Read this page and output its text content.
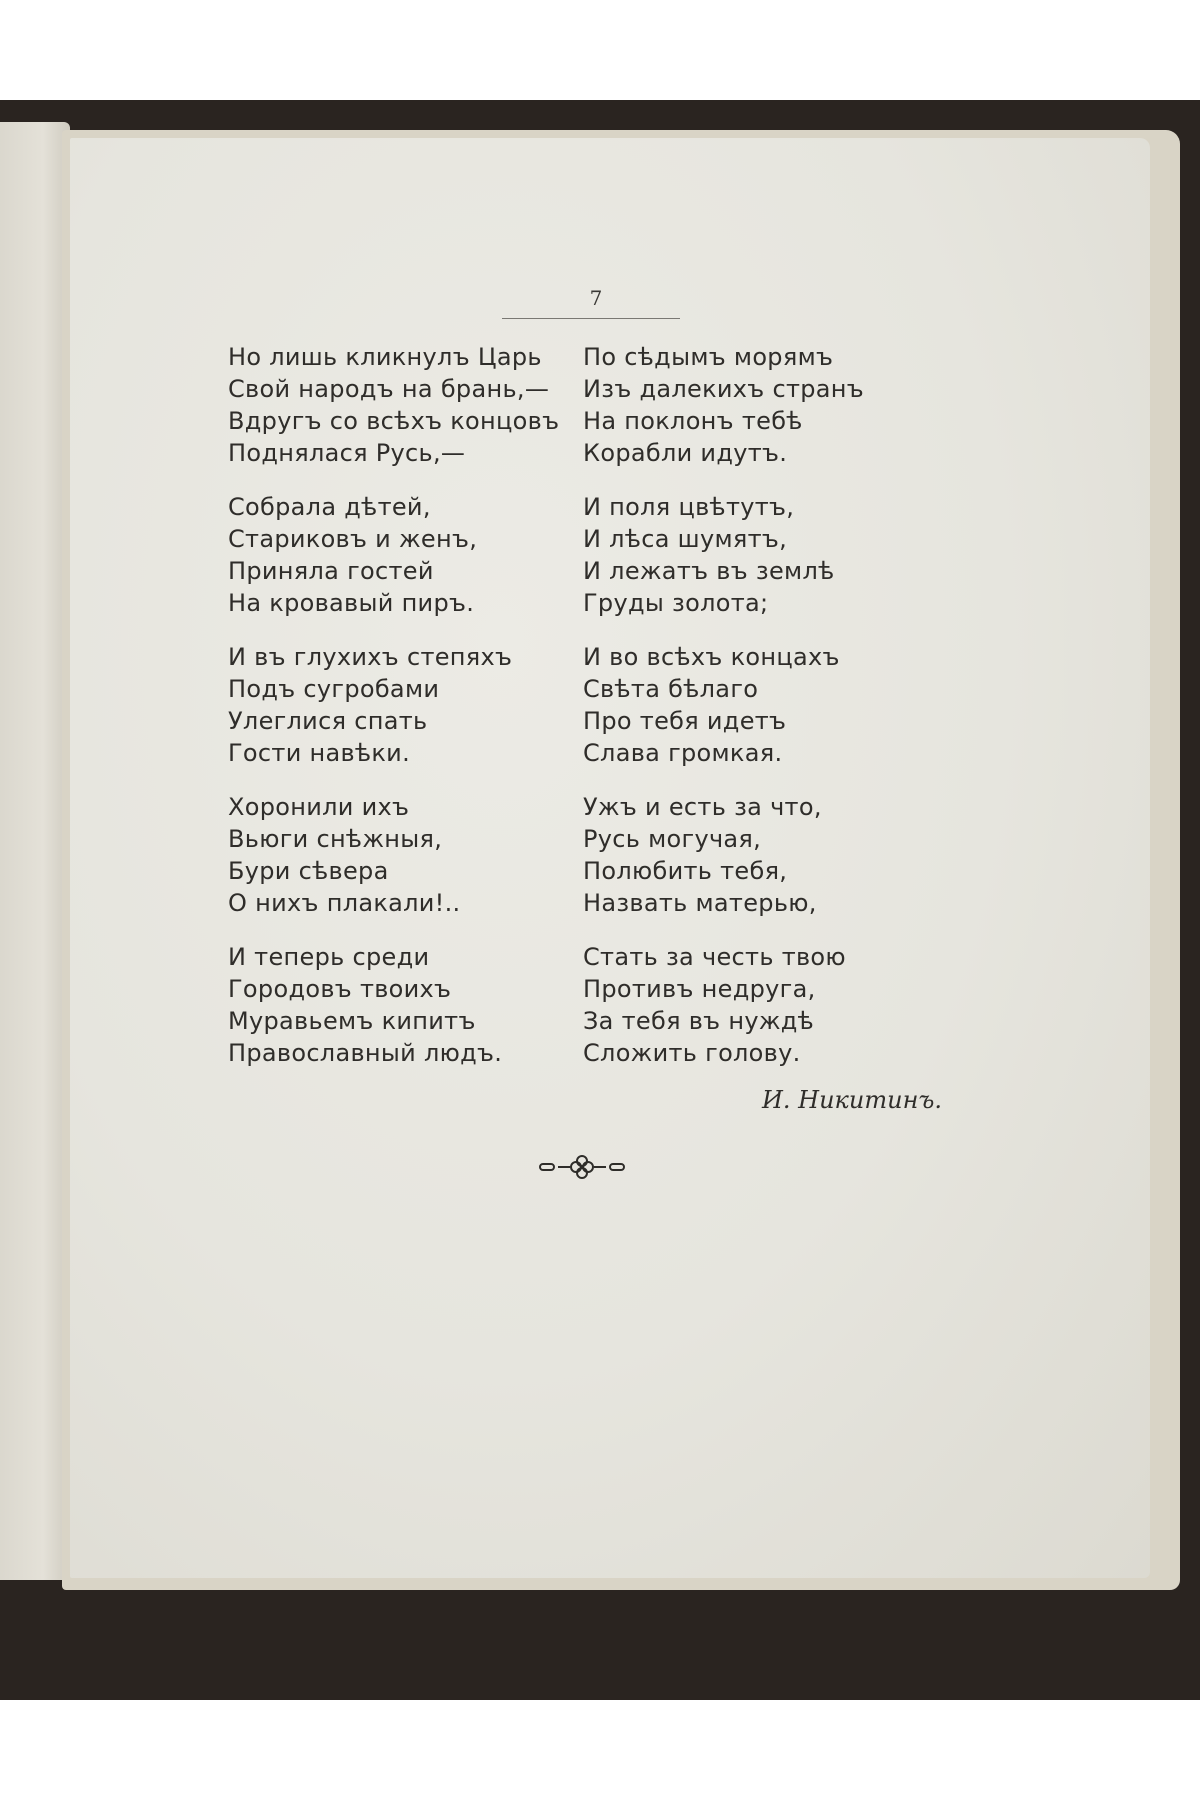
7
Но лишь кликнулъ Царь
Свой народъ на брань,—
Вдругъ со всѣхъ концовъ
Поднялася Русь,—
Собрала дѣтей,
Стариковъ и женъ,
Приняла гостей
На кровавый пиръ.
И въ глухихъ степяхъ
Подъ сугробами
Улеглися спать
Гости навѣки.
Хоронили ихъ
Вьюги снѣжныя,
Бури сѣвера
О нихъ плакали!..
И теперь среди
Городовъ твоихъ
Муравьемъ кипитъ
Православный людъ.
По сѣдымъ морямъ
Изъ далекихъ странъ
На поклонъ тебѣ
Корабли идутъ.
И поля цвѣтутъ,
И лѣса шумятъ,
И лежатъ въ землѣ
Груды золота;
И во всѣхъ концахъ
Свѣта бѣлаго
Про тебя идетъ
Слава громкая.
Ужъ и есть за что,
Русь могучая,
Полюбить тебя,
Назвать матерью,
Стать за честь твою
Противъ недруга,
За тебя въ нуждѣ
Сложить голову.
И. Никитинъ.
